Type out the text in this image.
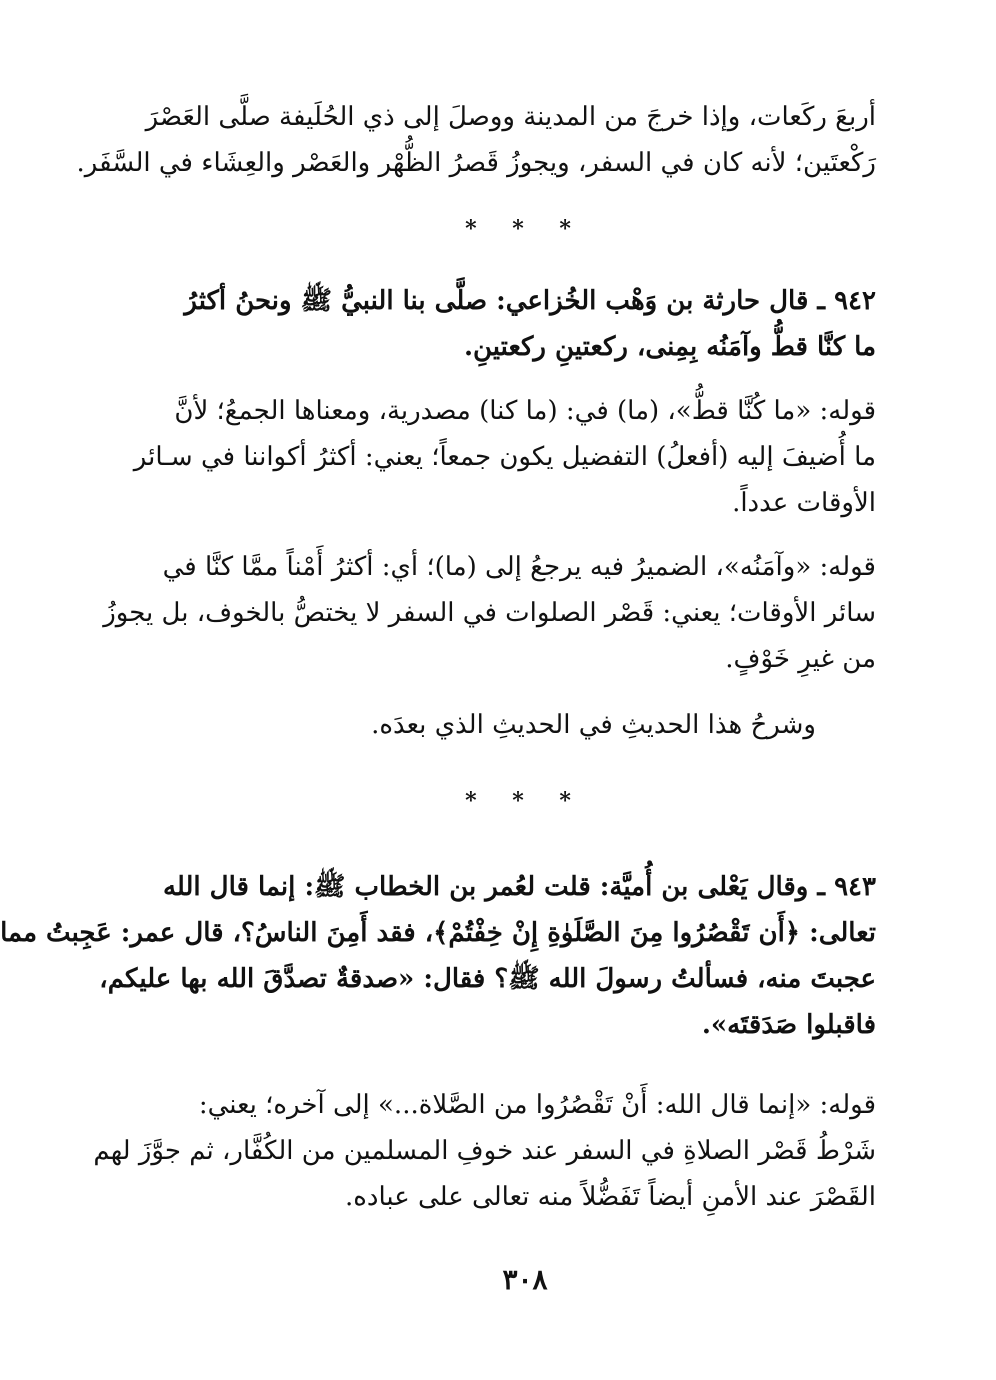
أربعَ ركَعات، وإذا خرجَ من المدينة ووصلَ إلى ذي الحُلَيفة صلَّى العَصْرَ
رَكْعتَين؛ لأنه كان في السفر، ويجوزُ قَصرُ الظُّهْر والعَصْر والعِشَاء في السَّفَر.

* * *

٩٤٢ ـ قال حارثة بن وَهْب الخُزاعي: صلَّى بنا النبيُّ ﷺ ونحنُ أكثرُ
ما كنَّا قطُّ وآمَنُه بِمِنى، ركعتينِ ركعتينِ.

قوله: «ما كُنَّا قطُّ»، (ما) في: (ما كنا) مصدرية، ومعناها الجمعُ؛ لأنَّ
ما أُضيفَ إليه (أفعلُ) التفضيل يكون جمعاً؛ يعني: أكثرُ أكواننا في سـائر
الأوقات عدداً.

قوله: «وآمَنُه»، الضميرُ فيه يرجعُ إلى (ما)؛ أي: أكثرُ أَمْناً ممَّا كنَّا في
سائر الأوقات؛ يعني: قَصْر الصلوات في السفر لا يختصُّ بالخوف، بل يجوزُ
من غيرِ خَوْفٍ.

وشرحُ هذا الحديثِ في الحديثِ الذي بعدَه.

* * *

٩٤٣ ـ وقال يَعْلى بن أُميَّة: قلت لعُمر بن الخطاب ﷺ: إنما قال الله
تعالى: ﴿أَن تَقْصُرُوا مِنَ الصَّلَوٰةِ إِنْ خِفْتُمْ﴾، فقد أَمِنَ الناسُ؟، قال عمر: عَجِبتُ مما
عجبتَ منه، فسألتُ رسولَ الله ﷺ؟ فقال: «صدقةٌ تصدَّقَ الله بها عليكم،
فاقبلوا صَدَقتَه».

قوله: «إنما قال الله: أَنْ تَقْصُرُوا من الصَّلاة...» إلى آخره؛ يعني:
شَرْطُ قَصْر الصلاةِ في السفر عند خوفِ المسلمين من الكُفَّار، ثم جوَّزَ لهم
القَصْرَ عند الأمنِ أيضاً تَفَضُّلاً منه تعالى على عباده.

٣٠٨
